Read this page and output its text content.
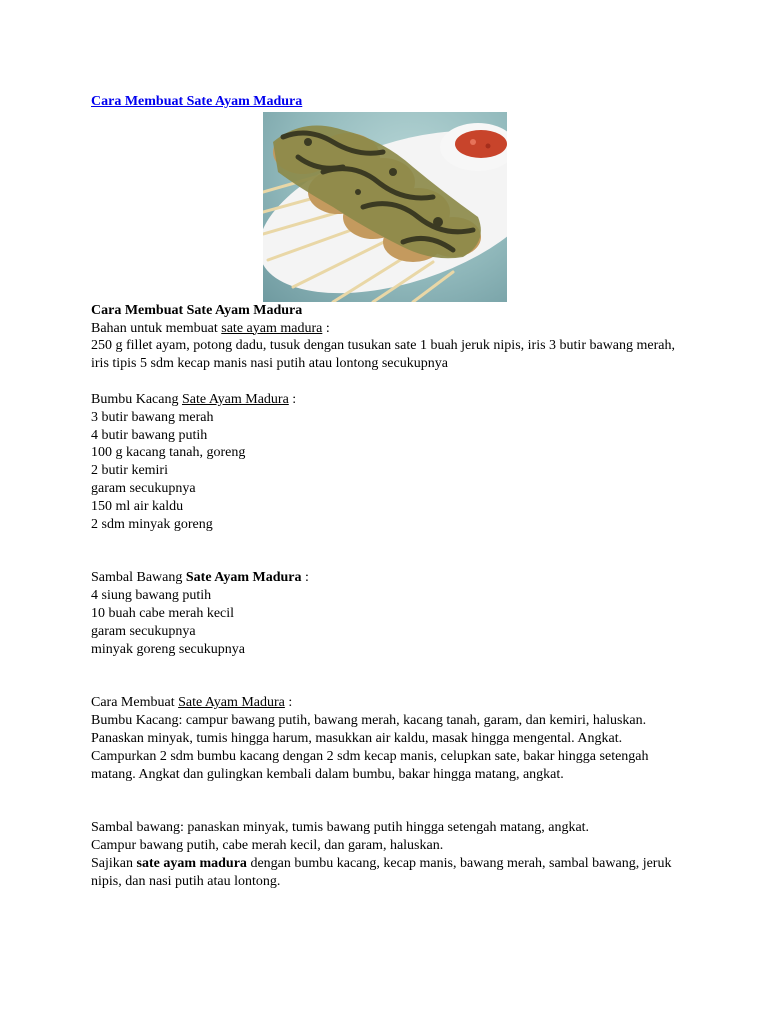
Cara Membuat Sate Ayam Madura

Cara Membuat Sate Ayam Madura

Bahan untuk membuat sate ayam madura :

250 g fillet ayam, potong dadu, tusuk dengan tusukan sate 1 buah jeruk nipis, iris 3 butir bawang merah, iris tipis 5 sdm kecap manis nasi putih atau lontong secukupnya

Bumbu Kacang Sate Ayam Madura :

3 butir bawang merah

4 butir bawang putih

100 g kacang tanah, goreng

2 butir kemiri

garam secukupnya

150 ml air kaldu

2 sdm minyak goreng

Sambal Bawang Sate Ayam Madura :

4 siung bawang putih

10 buah cabe merah kecil

garam secukupnya

minyak goreng secukupnya

Cara Membuat Sate Ayam Madura :

Bumbu Kacang: campur bawang putih, bawang merah, kacang tanah, garam, dan kemiri, haluskan. Panaskan minyak, tumis hingga harum, masukkan air kaldu, masak hingga mengental. Angkat.

Campurkan 2 sdm bumbu kacang dengan 2 sdm kecap manis, celupkan sate, bakar hingga setengah matang. Angkat dan gulingkan kembali dalam bumbu, bakar hingga matang, angkat.

Sambal bawang: panaskan minyak, tumis bawang putih hingga setengah matang, angkat.

Campur bawang putih, cabe merah kecil, dan garam, haluskan.

Sajikan sate ayam madura dengan bumbu kacang, kecap manis, bawang merah, sambal bawang, jeruk nipis, dan nasi putih atau lontong.
